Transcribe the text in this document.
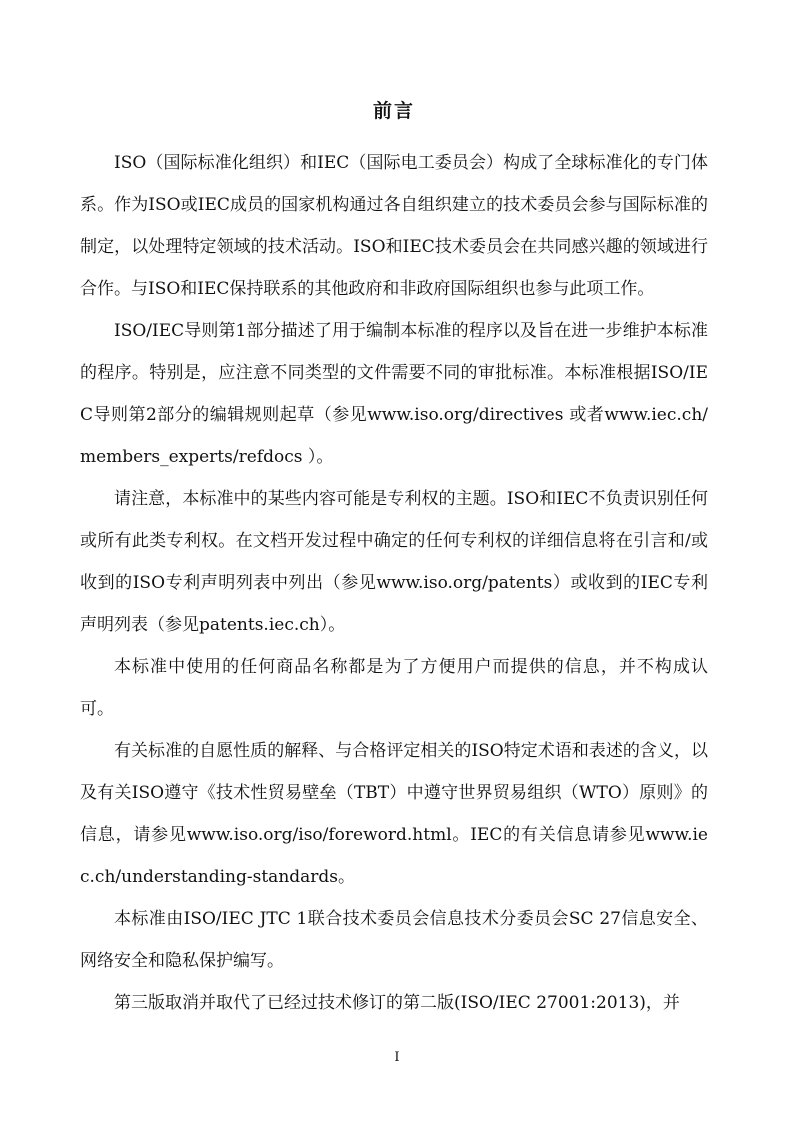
前言

ISO（国际标准化组织）和IEC（国际电工委员会）构成了全球标准化的专门体系。作为ISO或IEC成员的国家机构通过各自组织建立的技术委员会参与国际标准的制定，以处理特定领域的技术活动。ISO和IEC技术委员会在共同感兴趣的领域进行合作。与ISO和IEC保持联系的其他政府和非政府国际组织也参与此项工作。

ISO/IEC导则第1部分描述了用于编制本标准的程序以及旨在进一步维护本标准的程序。特别是，应注意不同类型的文件需要不同的审批标准。本标准根据ISO/IEC导则第2部分的编辑规则起草（参见www.iso.org/directives 或者www.iec.ch/members_experts/refdocs ）。

请注意，本标准中的某些内容可能是专利权的主题。ISO和IEC不负责识别任何或所有此类专利权。在文档开发过程中确定的任何专利权的详细信息将在引言和/或收到的ISO专利声明列表中列出（参见www.iso.org/patents）或收到的IEC专利声明列表（参见patents.iec.ch）。

本标准中使用的任何商品名称都是为了方便用户而提供的信息，并不构成认可。

有关标准的自愿性质的解释、与合格评定相关的ISO特定术语和表述的含义，以及有关ISO遵守《技术性贸易壁垒（TBT）中遵守世界贸易组织（WTO）原则》的信息，请参见www.iso.org/iso/foreword.html。IEC的有关信息请参见www.iec.ch/understanding-standards。

本标准由ISO/IEC JTC 1联合技术委员会信息技术分委员会SC 27信息安全、网络安全和隐私保护编写。

第三版取消并取代了已经过技术修订的第二版(ISO/IEC 27001:2013)，并

I
